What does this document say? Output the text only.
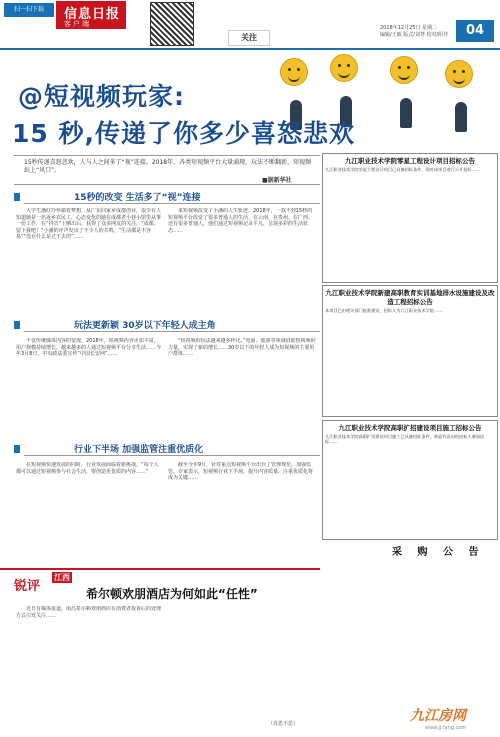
扫一扫下载	信息日报
客户端
关注
2018年12月25日 星期二
编辑/王敏 版式/刘慧 校对/阳佳	04
@短视频玩家:
15 秒,传递了你多少喜怒悲欢
15秒传递喜怒悲欢，人与人之间多了“视”连接。2018年，各类短视频平台大量涌现，玩法不断翻新，短视频站上“风口”。
■据新华社
15秒的改变 生活多了“视”连接
大学生潘红玲怀揣着梦想，从广东回家乡成都创业，很少有人知道她是一名返乡农民工，心态变化的她在成都老小巷小馆里从事一份工作，在“抖音”上晒出后，获得了众多网友的关注。“成都，留下我吧！”小潘的评声发出了不少人的共鸣。“生活都是不容易”“没有什么是过不去的”……
来短视频改变了小潘的人生轨迹。2018年，一款不到15秒的短视频平台改变了很多普通人的生活。在云南、在贵州、在广西，还有很多普通人，他们通过短视频记录平凡，呈现多彩的生活状态……
玩法更新颖 30岁以下年轻人成主角
不仅传统媒体内容的变现，2018年，短视频内容更加丰富，用户规模持续增长，越来越多的人通过短视频平台分享生活……今年3月8日，中央政法委宣传“中国长安网”……
“短视频的玩法越来越多样化。”电商、旅游等领域借助短视频的力量，实现了新的增长……30岁以下的年轻人成为短视频的主要用户群体……
行业下半场 加强监管注重优质化
在短视频快速发展的同时，行业发展面临着新挑战。“每个人都可以通过短视频参与社会生活，要创造更优质的内容……”
截至今年9月，针对重点短视频平台出台了管理规范，加强监管。专家表示，短视频行业下半场，提升内容质量、注重优质化将成为关键……
九江职业技术学院零星工程设计项目招标公告
九江职业技术学院零星工程设计项目已具备招标条件，现对该项目进行公开招标……
九江职业技术学院新建高职教育实训基地排水设施建设及改造工程招标公告
本项目已由相关部门批准建设，招标人为九江职业技术学院……
九江职业技术学院高职扩招建设项目施工招标公告
九江职业技术学院高职扩招建设项目施工已具备招标条件，欢迎有意向的投标人参加投标……
采 购 公 告
锐评
江西
希尔顿欢朋酒店为何如此“任性”
近日有媒体报道，南昌希尔顿欢朋酒店在消费者投诉后的处理方式引发关注……
（肖思不思）	九江房网
www.jj.fang.com
